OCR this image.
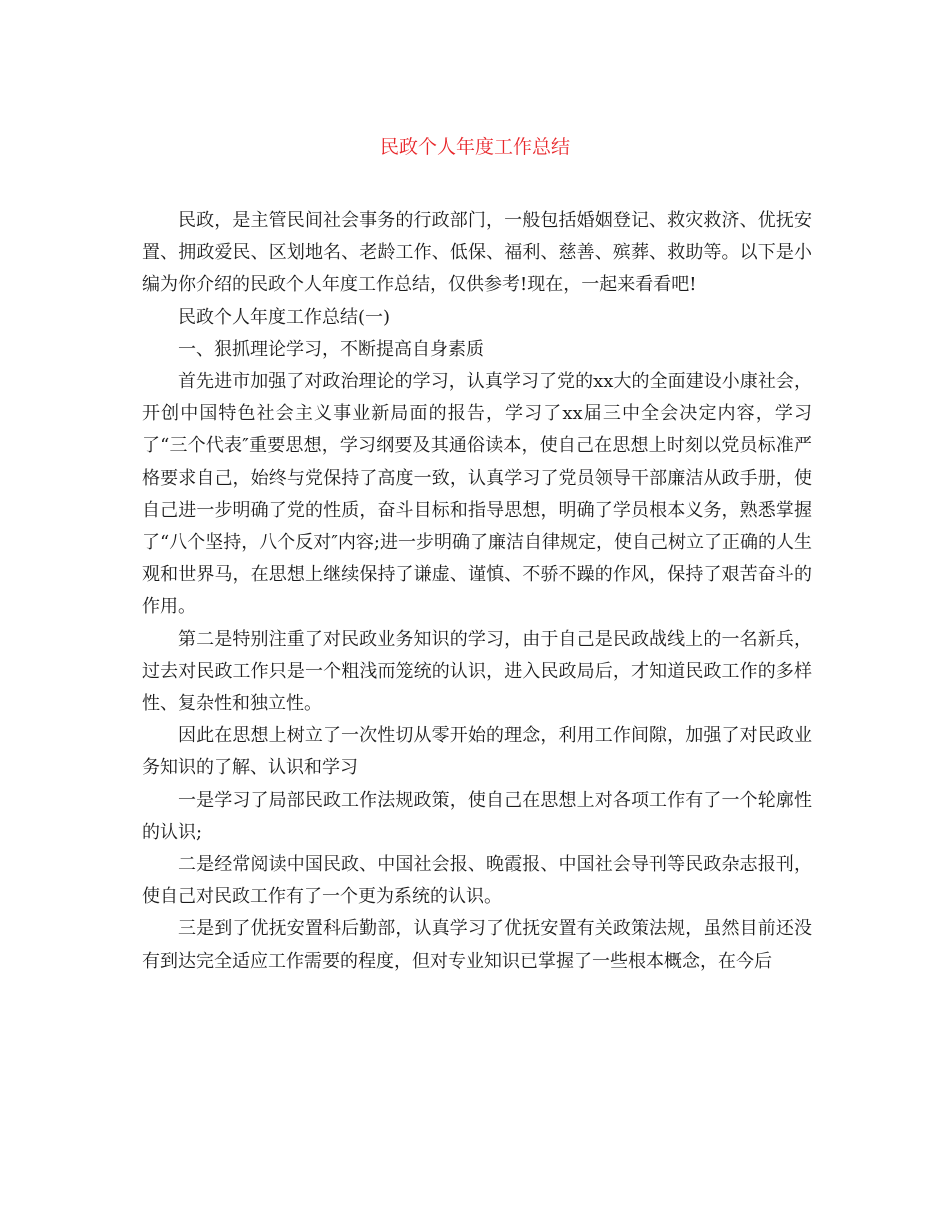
民政个人年度工作总结

民政，是主管民间社会事务的行政部门，一般包括婚姻登记、救灾救济、优抚安置、拥政爱民、区划地名、老龄工作、低保、福利、慈善、殡葬、救助等。以下是小编为你介绍的民政个人年度工作总结，仅供参考!现在，一起来看看吧!

民政个人年度工作总结(一)

一、狠抓理论学习，不断提高自身素质

首先进市加强了对政治理论的学习，认真学习了党的xx大的全面建设小康社会，开创中国特色社会主义事业新局面的报告，学习了xx届三中全会决定内容，学习了“三个代表″重要思想，学习纲要及其通俗读本，使自己在思想上时刻以党员标准严格要求自己，始终与党保持了高度一致，认真学习了党员领导干部廉洁从政手册，使自己进一步明确了党的性质，奋斗目标和指导思想，明确了学员根本义务，熟悉掌握了“八个坚持，八个反对″内容;进一步明确了廉洁自律规定，使自己树立了正确的人生观和世界马，在思想上继续保持了谦虚、谨慎、不骄不躁的作风，保持了艰苦奋斗的作用。

第二是特别注重了对民政业务知识的学习，由于自己是民政战线上的一名新兵，过去对民政工作只是一个粗浅而笼统的认识，进入民政局后，才知道民政工作的多样性、复杂性和独立性。

因此在思想上树立了一次性切从零开始的理念，利用工作间隙，加强了对民政业务知识的了解、认识和学习

一是学习了局部民政工作法规政策，使自己在思想上对各项工作有了一个轮廓性的认识;

二是经常阅读中国民政、中国社会报、晚霞报、中国社会导刊等民政杂志报刊，使自己对民政工作有了一个更为系统的认识。

三是到了优抚安置科后勤部，认真学习了优抚安置有关政策法规，虽然目前还没有到达完全适应工作需要的程度，但对专业知识已掌握了一些根本概念，在今后
